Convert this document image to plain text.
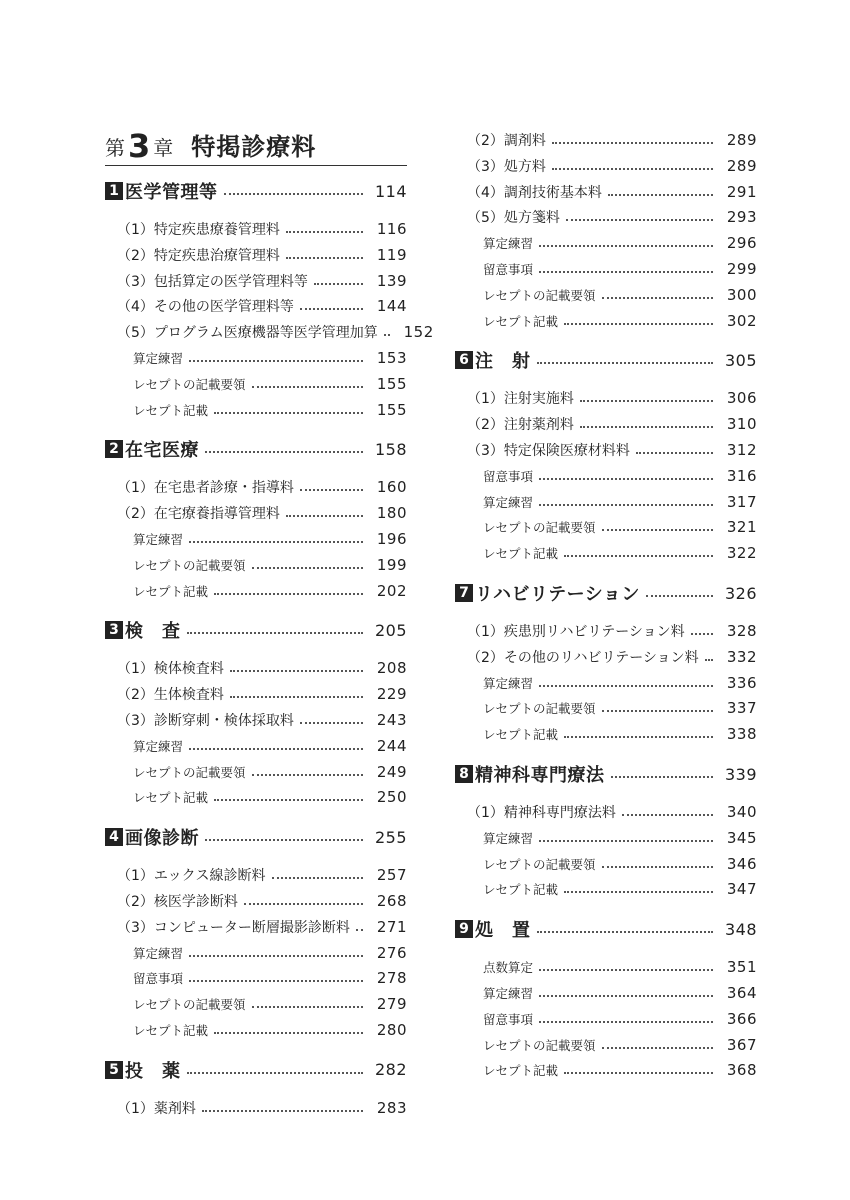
第 3 章 特掲診療料
1 医学管理等	114
（1）特定疾患療養管理料	116
（2）特定疾患治療管理料	119
（3）包括算定の医学管理料等	139
（4）その他の医学管理料等	144
（5）プログラム医療機器等医学管理加算	152
算定練習	153
レセプトの記載要領	155
レセプト記載	155
2 在宅医療	158
（1）在宅患者診療・指導料	160
（2）在宅療養指導管理料	180
算定練習	196
レセプトの記載要領	199
レセプト記載	202
3 検　査	205
（1）検体検査料	208
（2）生体検査料	229
（3）診断穿刺・検体採取料	243
算定練習	244
レセプトの記載要領	249
レセプト記載	250
4 画像診断	255
（1）エックス線診断料	257
（2）核医学診断料	268
（3）コンピューター断層撮影診断料	271
算定練習	276
留意事項	278
レセプトの記載要領	279
レセプト記載	280
5 投　薬	282
（1）薬剤料	283
（2）調剤料	289
（3）処方料	289
（4）調剤技術基本料	291
（5）処方箋料	293
算定練習	296
留意事項	299
レセプトの記載要領	300
レセプト記載	302
6 注　射	305
（1）注射実施料	306
（2）注射薬剤料	310
（3）特定保険医療材料料	312
留意事項	316
算定練習	317
レセプトの記載要領	321
レセプト記載	322
7 リハビリテーション	326
（1）疾患別リハビリテーション料	328
（2）その他のリハビリテーション料	332
算定練習	336
レセプトの記載要領	337
レセプト記載	338
8 精神科専門療法	339
（1）精神科専門療法料	340
算定練習	345
レセプトの記載要領	346
レセプト記載	347
9 処　置	348
点数算定	351
算定練習	364
留意事項	366
レセプトの記載要領	367
レセプト記載	368
